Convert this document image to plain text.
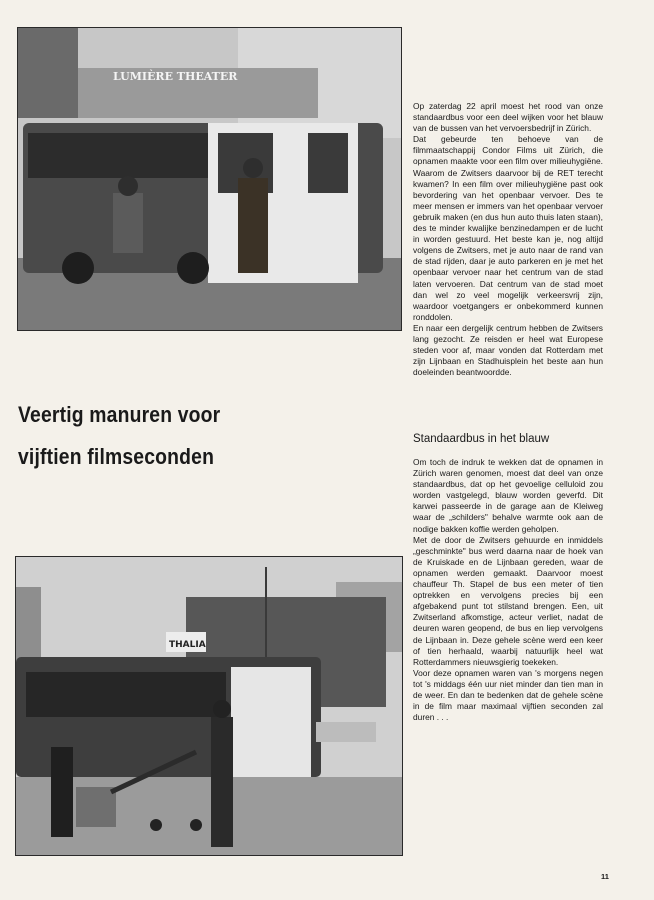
LUMIÈRE THEATER
Veertig manuren voor
vijftien filmseconden

Op zaterdag 22 april moest het rood van onze standaardbus voor een deel wijken voor het blauw van de bussen van het vervoersbedrijf in Zürich.

Dat gebeurde ten behoeve van de filmmaatschappij Condor Films uit Zürich, die opnamen maakte voor een film over milieuhygiëne. Waarom de Zwitsers daarvoor bij de RET terecht kwamen? In een film over milieuhygiëne past ook bevordering van het openbaar vervoer. Des te meer mensen er immers van het openbaar vervoer gebruik maken (en dus hun auto thuis laten staan), des te minder kwalijke benzinedampen er de lucht in worden gestuurd. Het beste kan je, nog altijd volgens de Zwitsers, met je auto naar de rand van de stad rijden, daar je auto parkeren en je met het openbaar vervoer naar het centrum van de stad laten vervoeren. Dat centrum van de stad moet dan wel zo veel mogelijk verkeersvrij zijn, waardoor voetgangers er onbekommerd kunnen ronddolen.

En naar een dergelijk centrum hebben de Zwitsers lang gezocht. Ze reisden er heel wat Europese steden voor af, maar vonden dat Rotterdam met zijn Lijnbaan en Stadhuisplein het beste aan hun doeleinden beantwoordde.

Standaardbus in het blauw

Om toch de indruk te wekken dat de opnamen in Zürich waren genomen, moest dat deel van onze standaardbus, dat op het gevoelige celluloid zou worden vastgelegd, blauw worden geverfd. Dit karwei passeerde in de garage aan de Kleiweg waar de „schilders" behalve warmte ook aan de nodige bakken koffie werden geholpen.

Met de door de Zwitsers gehuurde en inmiddels „geschminkte" bus werd daarna naar de hoek van de Kruiskade en de Lijnbaan gereden, waar de opnamen werden gemaakt. Daarvoor moest chauffeur Th. Stapel de bus een meter of tien optrekken en vervolgens precies bij een afgebakend punt tot stilstand brengen. Een, uit Zwitserland afkomstige, acteur verliet, nadat de deuren waren geopend, de bus en liep vervolgens de Lijnbaan in. Deze gehele scène werd een keer of tien herhaald, waarbij natuurlijk heel wat Rotterdammers nieuwsgierig toekeken.

Voor deze opnamen waren van 's morgens negen tot 's middags één uur niet minder dan tien man in de weer. En dan te bedenken dat de gehele scène in de film maar maximaal vijftien seconden zal duren . . .

THALIA
11
